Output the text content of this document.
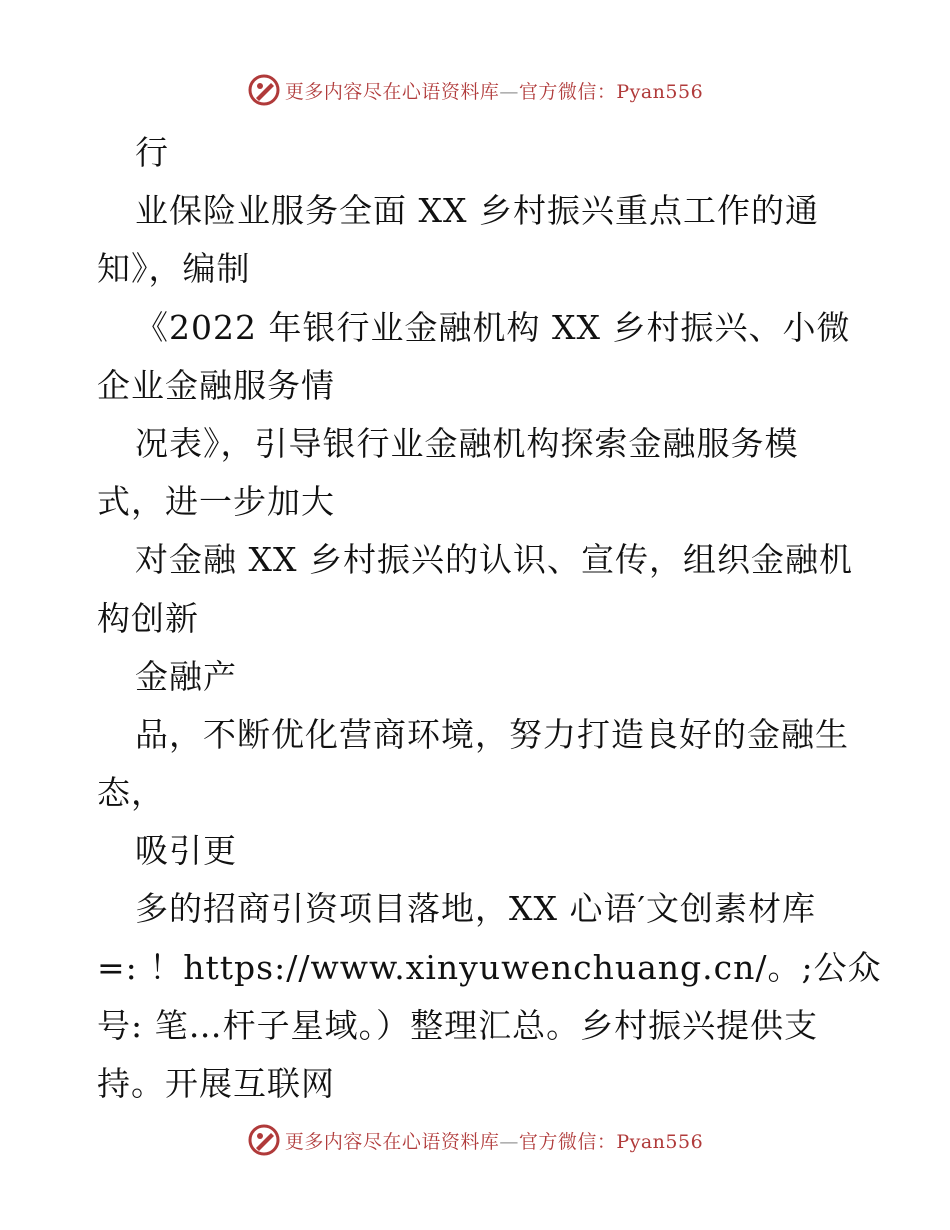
更多内容尽在心语资料库—官方微信：Pyan556
行
业保险业服务全面 XX 乡村振兴重点工作的通
知》，编制
《2022 年银行业金融机构 XX 乡村振兴、小微
企业金融服务情
况表》，引导银行业金融机构探索金融服务模
式，进一步加大
对金融 XX 乡村振兴的认识、宣传，组织金融机
构创新
金融产
品，不断优化营商环境，努力打造良好的金融生
态，
吸引更
多的招商引资项目落地，XX 心语′文创素材库
=: ！https://www.xinyuwenchuang.cn/。;公众
号: 笔…杆子星域。）整理汇总。乡村振兴提供支
持。开展互联网
更多内容尽在心语资料库—官方微信：Pyan556
